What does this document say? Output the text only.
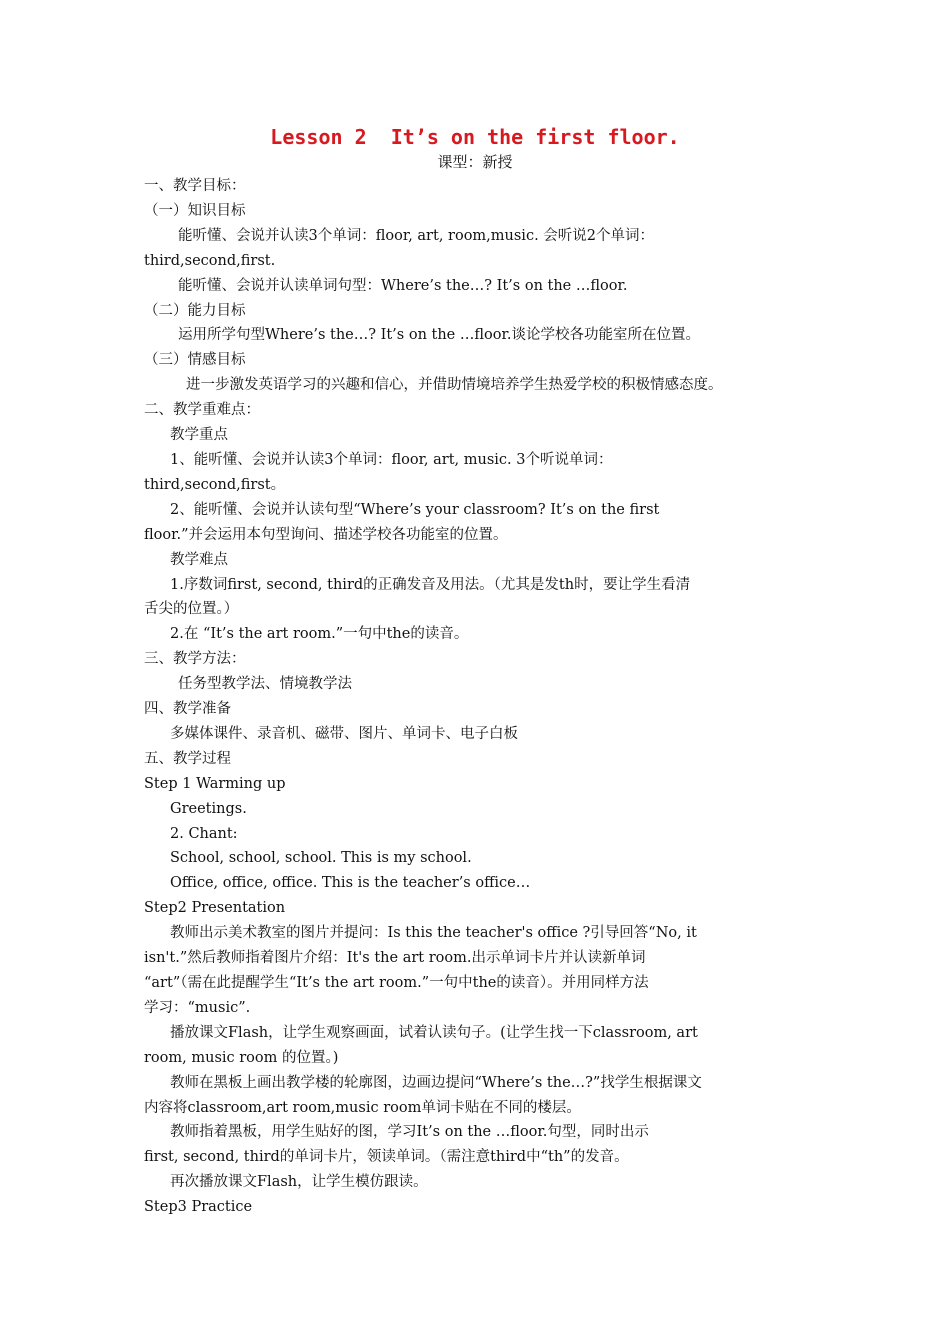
Lesson 2  It’s on the first floor.
课型：新授
一、教学目标：
（一）知识目标
能听懂、会说并认读3个单词：floor, art, room,music. 会听说2个单词：
third,second,first.
能听懂、会说并认读单词句型：Where’s the…? It’s on the …floor.
（二）能力目标
运用所学句型Where’s the…? It’s on the …floor.谈论学校各功能室所在位置。
（三）情感目标
进一步激发英语学习的兴趣和信心，并借助情境培养学生热爱学校的积极情感态度。
二、教学重难点：
教学重点
1、能听懂、会说并认读3个单词：floor, art, music. 3个听说单词：
third,second,first。
2、能听懂、会说并认读句型“Where’s your classroom? It’s on the first
floor.”并会运用本句型询问、描述学校各功能室的位置。
教学难点
1.序数词first, second, third的正确发音及用法。（尤其是发th时，要让学生看清
舌尖的位置。）
2.在 “It’s the art room.”一句中the的读音。
三、教学方法：
任务型教学法、情境教学法
四、教学准备
多媒体课件、录音机、磁带、图片、单词卡、电子白板
五、教学过程
Step 1 Warming up
Greetings.
2. Chant:
School, school, school. This is my school.
Office, office, office. This is the teacher’s office…
Step2 Presentation
教师出示美术教室的图片并提问：Is this the teacher's office ?引导回答“No, it
isn't.”然后教师指着图片介绍：It's the art room.出示单词卡片并认读新单词
“art”（需在此提醒学生“It’s the art room.”一句中the的读音）。并用同样方法
学习：“music”.
播放课文Flash，让学生观察画面，试着认读句子。(让学生找一下classroom, art
room, music room 的位置。)
教师在黑板上画出教学楼的轮廓图，边画边提问“Where’s the…?”找学生根据课文
内容将classroom,art room,music room单词卡贴在不同的楼层。
教师指着黑板，用学生贴好的图，学习It’s on the …floor.句型，同时出示
first, second, third的单词卡片，领读单词。（需注意third中“th”的发音。
再次播放课文Flash，让学生模仿跟读。
Step3 Practice
